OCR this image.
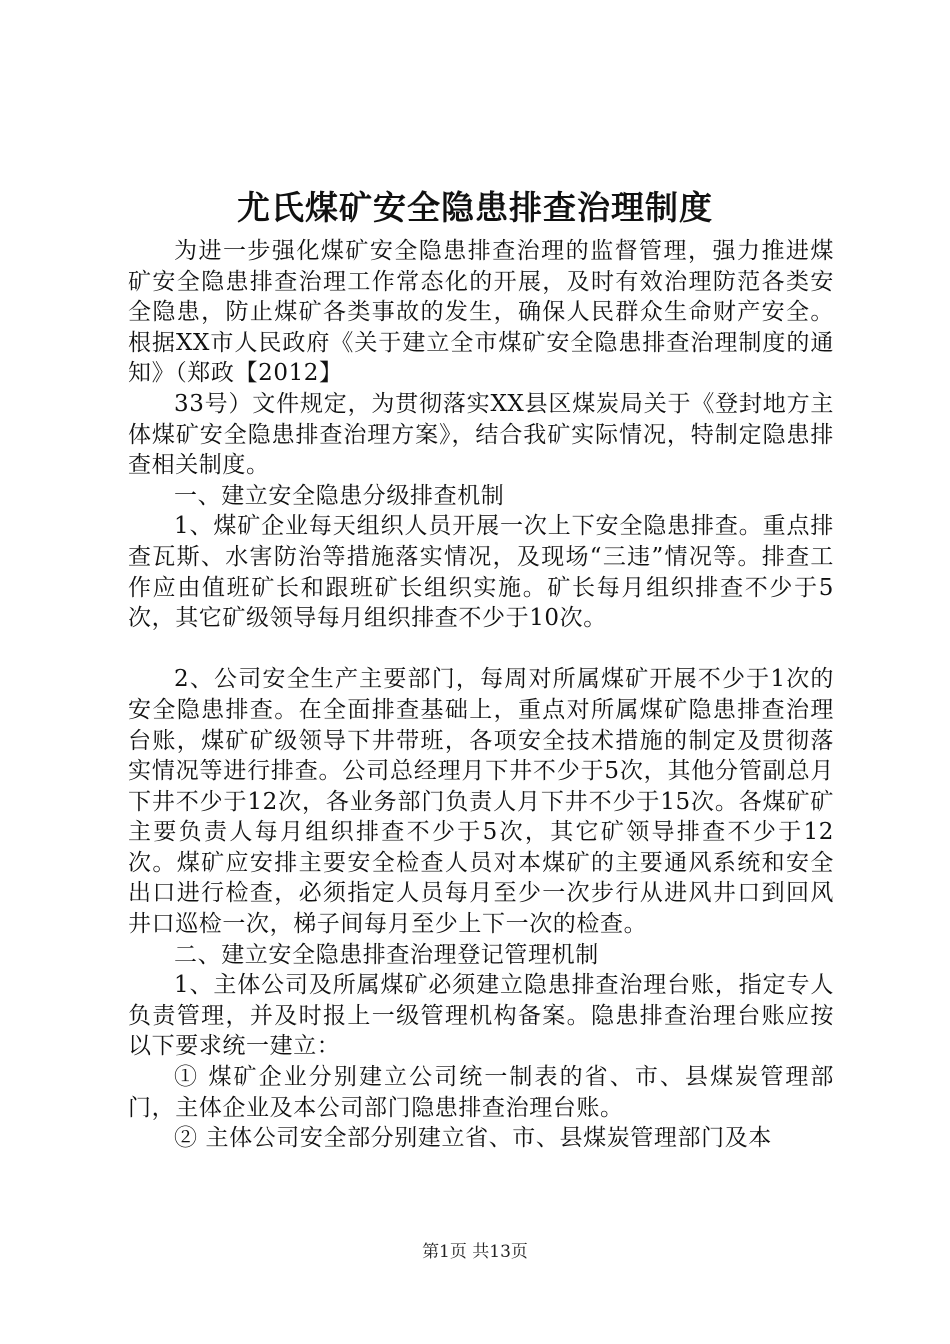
尤氏煤矿安全隐患排查治理制度

为进一步强化煤矿安全隐患排查治理的监督管理，强力推进煤矿安全隐患排查治理工作常态化的开展，及时有效治理防范各类安全隐患，防止煤矿各类事故的发生，确保人民群众生命财产安全。根据XX市人民政府《关于建立全市煤矿安全隐患排查治理制度的通知》（郑政【2012】

33号）文件规定，为贯彻落实XX县区煤炭局关于《登封地方主体煤矿安全隐患排查治理方案》，结合我矿实际情况，特制定隐患排查相关制度。

一、建立安全隐患分级排查机制

1、煤矿企业每天组织人员开展一次上下安全隐患排查。重点排查瓦斯、水害防治等措施落实情况，及现场“三违”情况等。排查工作应由值班矿长和跟班矿长组织实施。矿长每月组织排查不少于5次，其它矿级领导每月组织排查不少于10次。

2、公司安全生产主要部门，每周对所属煤矿开展不少于1次的安全隐患排查。在全面排查基础上，重点对所属煤矿隐患排查治理台账，煤矿矿级领导下井带班，各项安全技术措施的制定及贯彻落实情况等进行排查。公司总经理月下井不少于5次，其他分管副总月下井不少于12次，各业务部门负责人月下井不少于15次。各煤矿矿主要负责人每月组织排查不少于5次，其它矿领导排查不少于12次。煤矿应安排主要安全检查人员对本煤矿的主要通风系统和安全出口进行检查，必须指定人员每月至少一次步行从进风井口到回风井口巡检一次，梯子间每月至少上下一次的检查。

二、建立安全隐患排查治理登记管理机制

1、主体公司及所属煤矿必须建立隐患排查治理台账，指定专人负责管理，并及时报上一级管理机构备案。隐患排查治理台账应按以下要求统一建立：

① 煤矿企业分别建立公司统一制表的省、市、县煤炭管理部门，主体企业及本公司部门隐患排查治理台账。

② 主体公司安全部分别建立省、市、县煤炭管理部门及本

第1页 共13页
